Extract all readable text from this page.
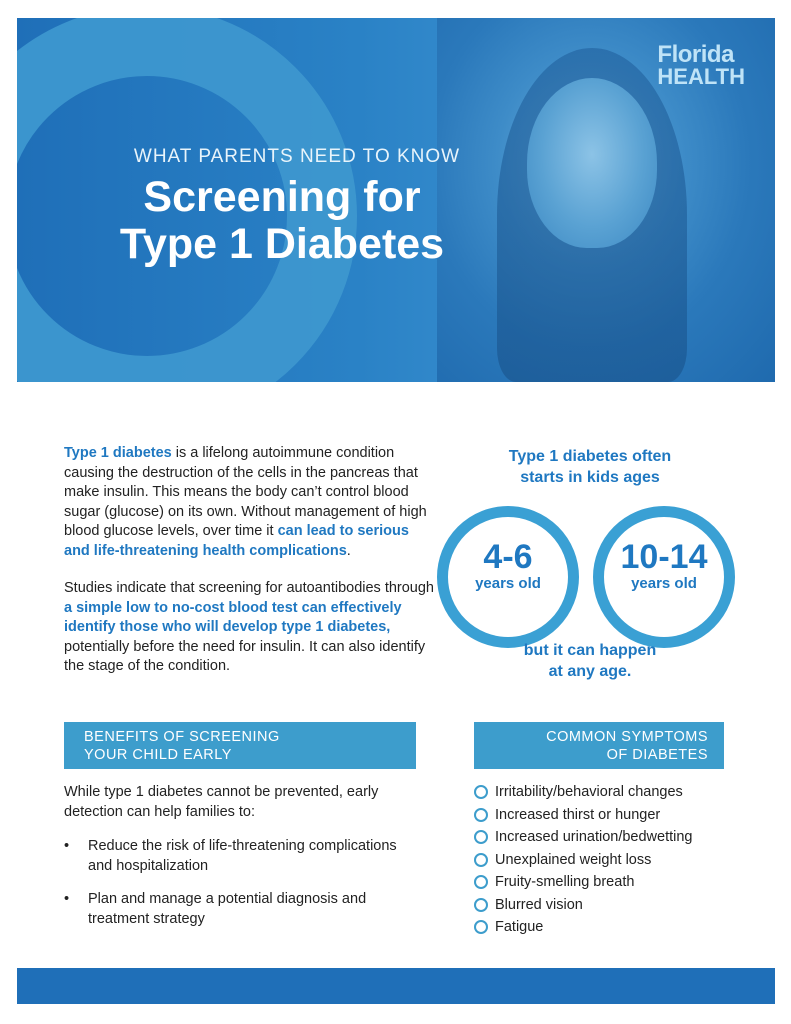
Florida
HEALTH
WHAT PARENTS NEED TO KNOW
Screening for
Type 1 Diabetes

Type 1 diabetes is a lifelong autoimmune condition causing the destruction of the cells in the pancreas that make insulin. This means the body can’t control blood sugar (glucose) on its own. Without management of high blood glucose levels, over time it can lead to serious and life-threatening health complications.

Studies indicate that screening for autoantibodies through a simple low to no-cost blood test can effectively identify those who will develop type 1 diabetes, potentially before the need for insulin. It can also identify the stage of the condition.

Type 1 diabetes often
starts in kids ages
4-6
years old
10-14
years old
but it can happen
at any age.
BENEFITS OF SCREENING
YOUR CHILD EARLY
While type 1 diabetes cannot be prevented, early detection can help families to:
• Reduce the risk of life-threatening complications and hospitalization
• Plan and manage a potential diagnosis and treatment strategy
COMMON SYMPTOMS
OF DIABETES
Irritability/behavioral changes
Increased thirst or hunger
Increased urination/bedwetting
Unexplained weight loss
Fruity-smelling breath
Blurred vision
Fatigue
